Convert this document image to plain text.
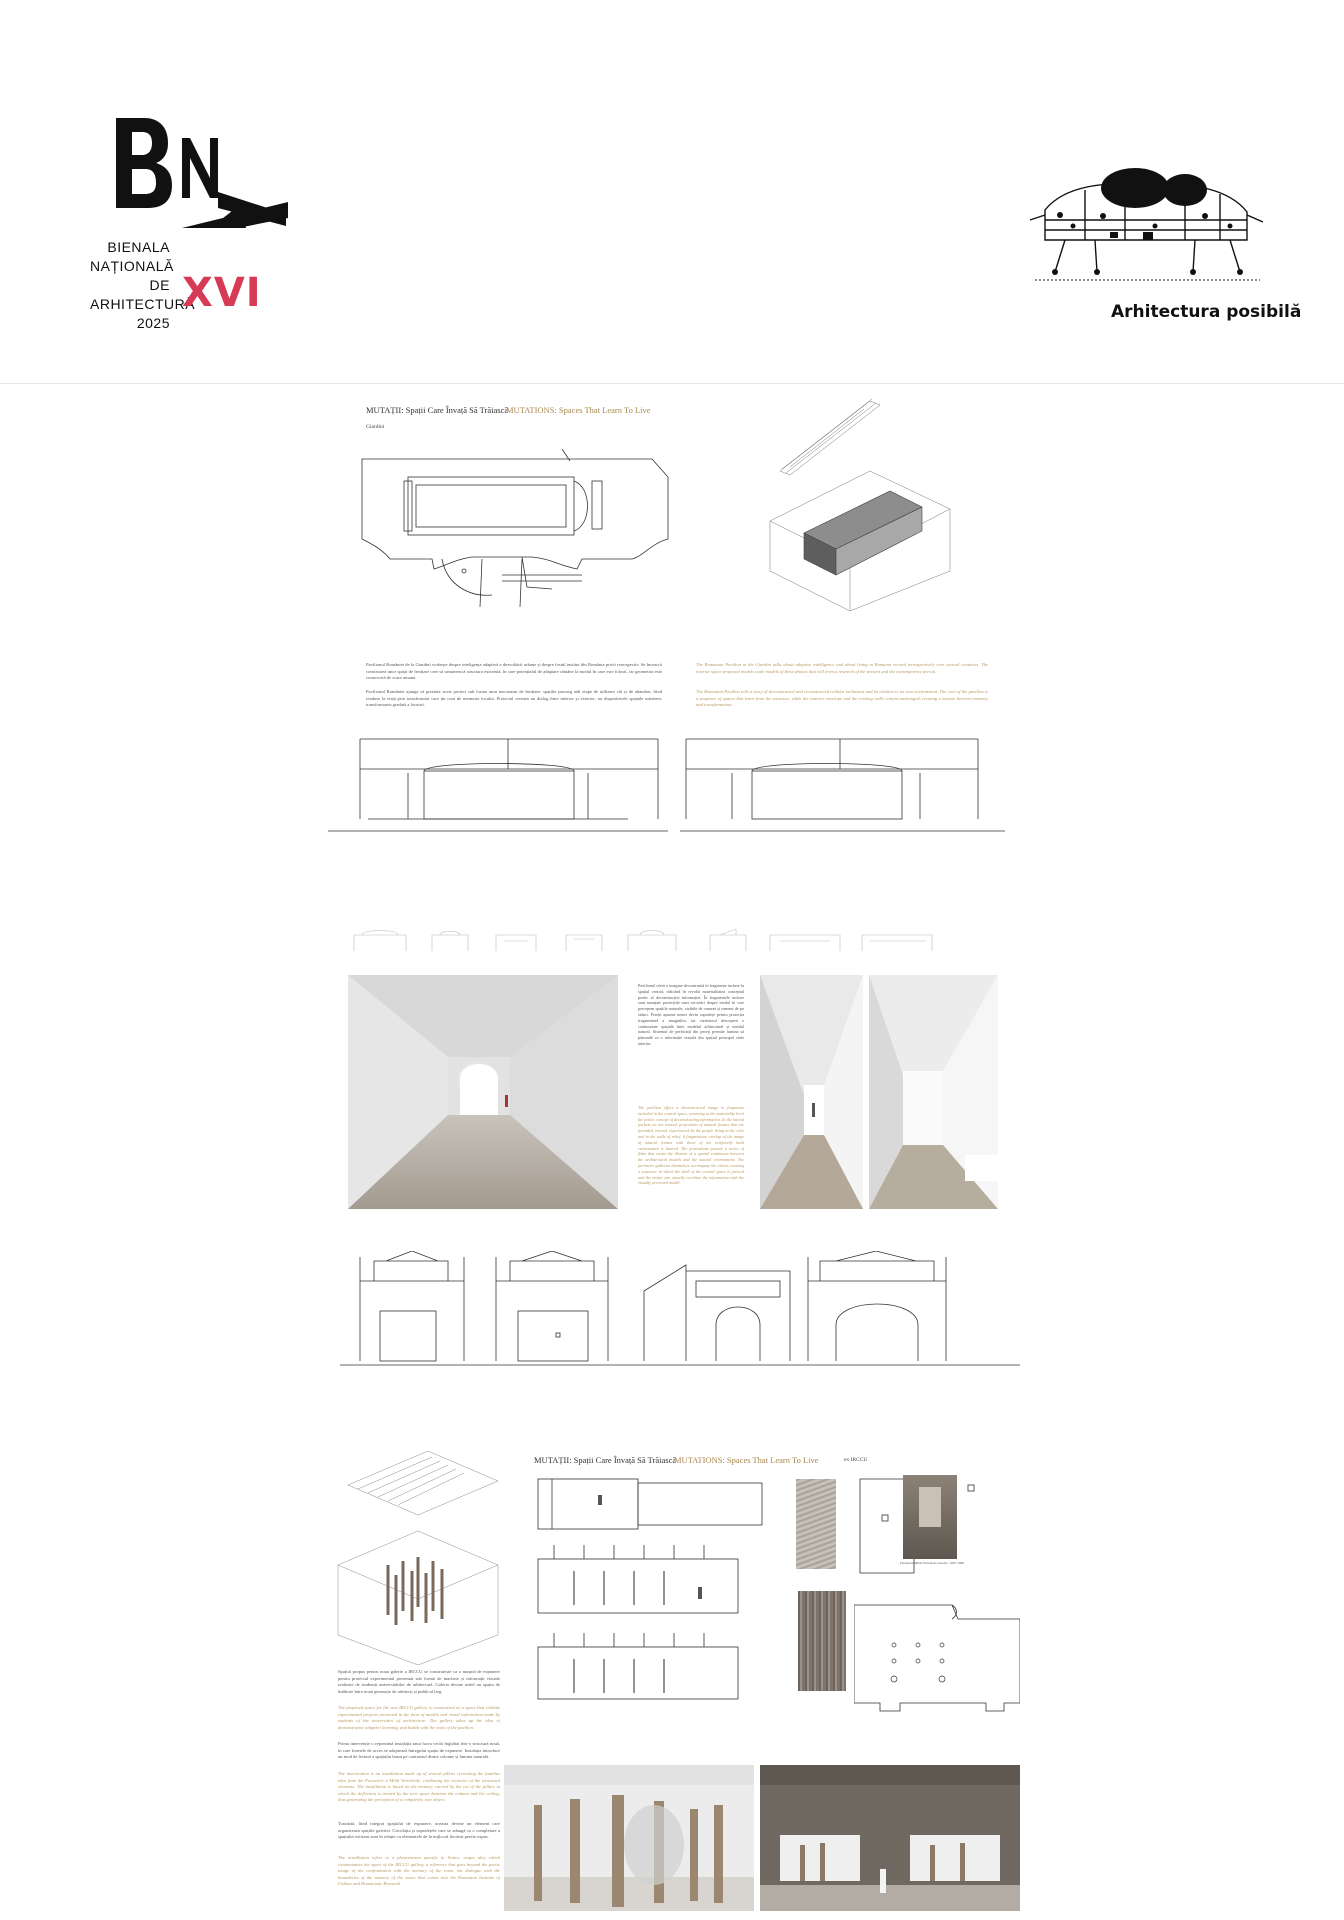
BIENALA
NAȚIONALĂ
DE
ARHITECTURĂ
2025
XVI	Arhitectura posibilă
MUTAȚII: Spații Care Învață Să Trăiască
MUTATIONS: Spaces That Learn To Live
Giardini
Pavilionul României de la Giardini vorbește despre inteligența adaptivă a dezvoltării urbane și despre fostul institut din România privit retrospectiv. Se încearcă construirea unor spații de învățare care să urmărească structura existentă, în care potențialul de adaptare rămâne la modul în care este folosit, iar geometria este conservată de scara umană.
Pavilionul României ajunge să prezinte acest proiect sub forma unui mecanism de învățare: spațiile parcurg atât etape de utilizare cât și de abandon, fiind readuse la viață prin transformări care țin cont de memoria locului. Proiectul creează un dialog între interior și exterior, iar dispozitivele spațiale urmăresc transformarea gradată a locuirii.
The Romanian Pavilion in the Giardini talks about adaptive intelligence and about living in Romania viewed retrospectively over several centuries. The interior space proposed models scale models of these phases that will form a research of the present and the contemporary period.
The Romanian Pavilion tells a story of deconstructed and reconstructed cellular inclusions and its relation to its own environment. The core of the pavilion is a sequence of spaces that learn from the structure, while the exterior envelope and the existing walls remain unchanged, creating a tension between memory and transformation.
Pavilionul oferă o imagine deconstruită în fragmente incluse în spațiul central, ridicând în revoltă materialitatea conceptul poetic al deconstrucției informației. În fragmentele incluse sunt nuanțate proiecțiile unei cercetări despre modul în care percepem spațiile naturale, vizibile de oameni și oameni de pe ziduri. Pereții aparent neutri devin suprafețe pentru proiecția fragmentară a imaginilor, iar vizitatorul descoperă o continuitate spațială între modelul arhitectural și mediul natural. Sistemul de perforații din pereți permite lumina să pătrundă ca o informație vizuală din spațiul principal către interior.
The pavilion offers a deconstructed image in fragments included in the central space, returning at the materiality level the poetic concept of deconstructing information. In the lateral pockets we are treated, projections of natural frames that are provided, viewed, experienced by the people living in the cells and in the walls of relief. A fragmentary overlap of the image of natural frames with those of the artificially built environment is desired. The protrusions present a series of films that create the illusion of a spatial continuum between the architectural models and the natural environment. The perimeter galleries themselves accompany the visitor, creating a sequence in which the shell of the central space is pierced and the visitor can visually correlate the information with the visually perceived model.
Spațiul propus pentru noua galerie a IRCCU se construiește ca o mașină de expunere pentru proiectul experimental prezentat sub formă de machete și informații vizuale realizate de studenții universităților de arhitectură. Galeria devine astfel un spațiu de întâlnire între nouă generație de arhitecți și publicul larg.
The proposed space for the new IRCCU gallery is constructed as a space that exhibits experimental projects presented in the form of models and visual information made by students of the universities of architecture. The gallery takes up the idea of demonstrative adaptive learning, and builds with the tools of the pavilion.
Prima intervenție o reprezintă instalația unui lucru vechi înglobat într-o structură nouă, în care formele de acces se adaptează întregului spațiu de expunere. Instalația introduce un mod de lectură a spațiului bazat pe contrastul dintre coloane și lumina naturală.
The intervention is an installation made up of several pillars recreating the familiar idea from the Ferestrele a Mildi Vertebrale, combining the tectonics of the structural elements. The installation is based on the memory carried by the cut of the pillars in which the deflection is treated by the new space between the column and the ceiling, thus generating the perception of a completely new object.
Totodată, fiind integrat spațiului de expunere, aceasta devine un element care organizează spațiile galeriei. Circulația și suprafețele care se adaugă ca o completare a spațiului existent sunt în relație cu elementele de la mijlocul fiecărui perete expus.
The installation refers to a phenomenon specific to Venice, acqua alta, which contaminates the space of the IRCCU gallery, a reference that goes beyond the poetic image of the confrontation with the memory of the room, the dialogue with the boundaries of the memory of the water that comes into the Romanian Institute of Culture and Humanistic Research.
MUTAȚII: Spații Care Învață Să Trăiască
MUTATIONS: Spaces That Learn To Live	ex IRCCU
Ferestrele Mildi Vertebrale Gauche, 1997-1996
